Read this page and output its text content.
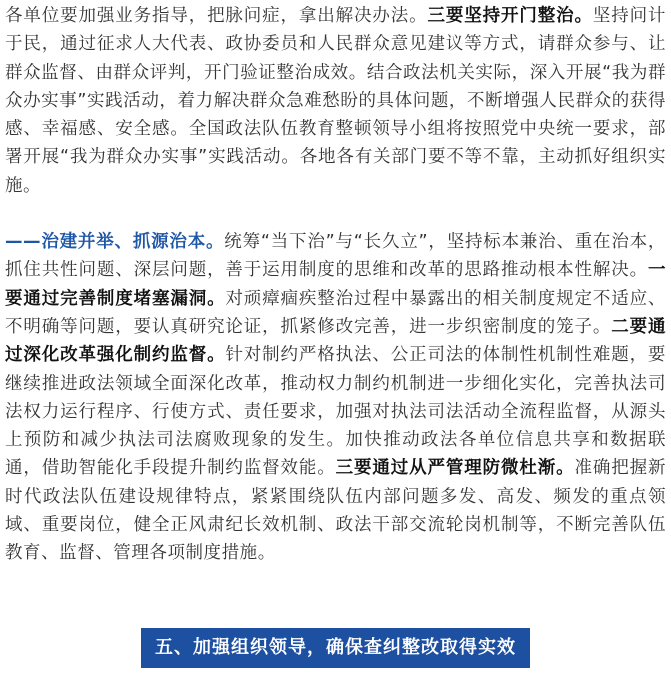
各单位要加强业务指导，把脉问症，拿出解决办法。三要坚持开门整治。坚持问计于民，通过征求人大代表、政协委员和人民群众意见建议等方式，请群众参与、让群众监督、由群众评判，开门验证整治成效。结合政法机关实际，深入开展“我为群众办实事”实践活动，着力解决群众急难愁盼的具体问题，不断增强人民群众的获得感、幸福感、安全感。全国政法队伍教育整顿领导小组将按照党中央统一要求，部署开展“我为群众办实事”实践活动。各地各有关部门要不等不靠，主动抓好组织实施。

——治建并举、抓源治本。统筹“当下治”与“长久立”，坚持标本兼治、重在治本，抓住共性问题、深层问题，善于运用制度的思维和改革的思路推动根本性解决。一要通过完善制度堵塞漏洞。对顽瘴痼疾整治过程中暴露出的相关制度规定不适应、不明确等问题，要认真研究论证，抓紧修改完善，进一步织密制度的笼子。二要通过深化改革强化制约监督。针对制约严格执法、公正司法的体制性机制性难题，要继续推进政法领域全面深化改革，推动权力制约机制进一步细化实化，完善执法司法权力运行程序、行使方式、责任要求，加强对执法司法活动全流程监督，从源头上预防和减少执法司法腐败现象的发生。加快推动政法各单位信息共享和数据联通，借助智能化手段提升制约监督效能。三要通过从严管理防微杜渐。准确把握新时代政法队伍建设规律特点，紧紧围绕队伍内部问题多发、高发、频发的重点领域、重要岗位，健全正风肃纪长效机制、政法干部交流轮岗机制等，不断完善队伍教育、监督、管理各项制度措施。

五、加强组织领导，确保查纠整改取得实效
